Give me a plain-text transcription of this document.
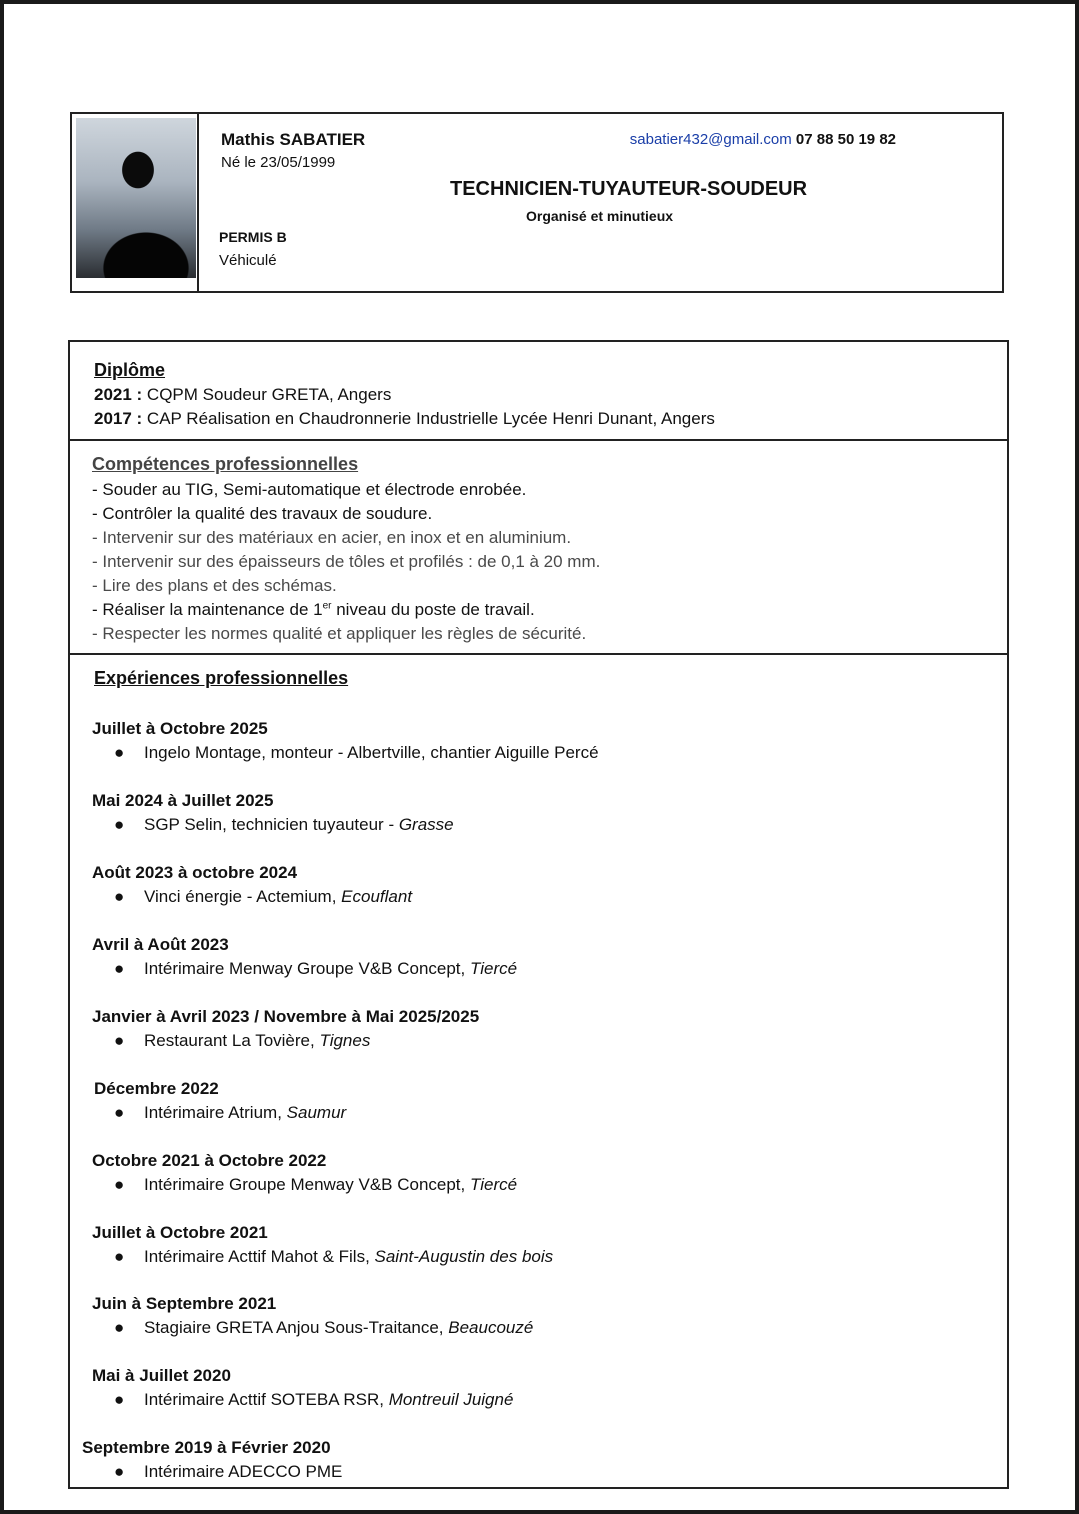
Mathis SABATIER
Né le 23/05/1999
PERMIS B
Véhiculé
sabatier432@gmail.com 07 88 50 19 82
TECHNICIEN-TUYAUTEUR-SOUDEUR
Organisé et minutieux
Diplôme
2021 : CQPM Soudeur GRETA, Angers
2017 : CAP Réalisation en Chaudronnerie Industrielle Lycée Henri Dunant, Angers
Compétences professionnelles
- Souder au TIG, Semi-automatique et électrode enrobée.
- Contrôler la qualité des travaux de soudure.
- Intervenir sur des matériaux en acier, en inox et en aluminium.
- Intervenir sur des épaisseurs de tôles et profilés : de 0,1 à 20 mm.
- Lire des plans et des schémas.
- Réaliser la maintenance de 1er niveau du poste de travail.
- Respecter les normes qualité et appliquer les règles de sécurité.
Expériences professionnelles
Juillet à Octobre 2025
● Ingelo Montage, monteur - Albertville, chantier Aiguille Percé
Mai 2024 à Juillet 2025
● SGP Selin, technicien tuyauteur - Grasse
Août 2023 à octobre 2024
● Vinci énergie - Actemium, Ecouflant
Avril à Août 2023
● Intérimaire Menway Groupe V&B Concept, Tiercé
Janvier à Avril 2023 / Novembre à Mai 2025/2025
● Restaurant La Tovière, Tignes
Décembre 2022
● Intérimaire Atrium, Saumur
Octobre 2021 à Octobre 2022
● Intérimaire Groupe Menway V&B Concept, Tiercé
Juillet à Octobre 2021
● Intérimaire Acttif Mahot & Fils, Saint-Augustin des bois
Juin à Septembre 2021
● Stagiaire GRETA Anjou Sous-Traitance, Beaucouzé
Mai à Juillet 2020
● Intérimaire Acttif SOTEBA RSR, Montreuil Juigné
Septembre 2019 à Février 2020
● Intérimaire ADECCO PME
